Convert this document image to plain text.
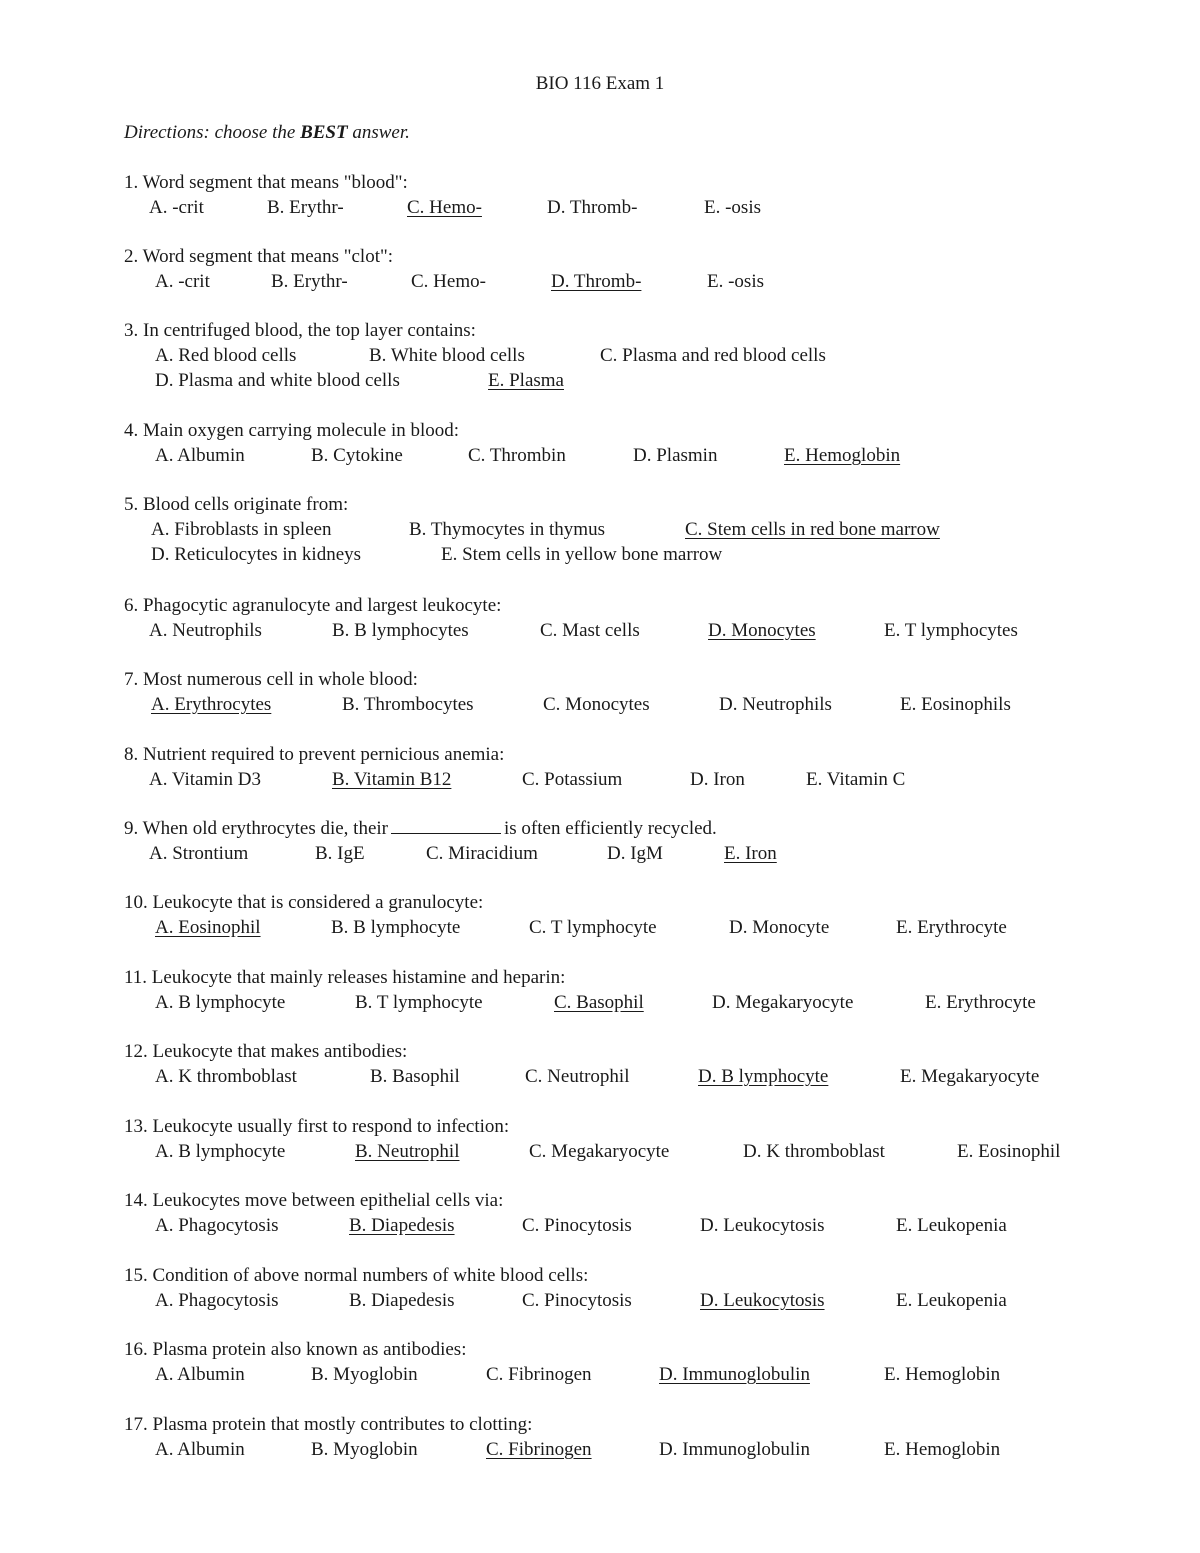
BIO 116 Exam 1
Directions: choose the BEST answer.
1. Word segment that means "blood":
A. -crit	B. Erythr-	C. Hemo-	D. Thromb-	E. -osis
2. Word segment that means "clot":
A. -crit	B. Erythr-	C. Hemo-	D. Thromb-	E. -osis
3. In centrifuged blood, the top layer contains:
A. Red blood cells	B. White blood cells	C. Plasma and red blood cells
D. Plasma and white blood cells	E. Plasma
4. Main oxygen carrying molecule in blood:
A. Albumin	B. Cytokine	C. Thrombin	D. Plasmin	E. Hemoglobin
5. Blood cells originate from:
A. Fibroblasts in spleen	B. Thymocytes in thymus	C. Stem cells in red bone marrow
D. Reticulocytes in kidneys	E. Stem cells in yellow bone marrow
6. Phagocytic agranulocyte and largest leukocyte:
A. Neutrophils	B. B lymphocytes	C. Mast cells	D. Monocytes	E. T lymphocytes
7. Most numerous cell in whole blood:
A. Erythrocytes	B. Thrombocytes	C. Monocytes	D. Neutrophils	E. Eosinophils
8. Nutrient required to prevent pernicious anemia:
A. Vitamin D3	B. Vitamin B12	C. Potassium	D. Iron	E. Vitamin C
9. When old erythrocytes die, their	is often efficiently recycled.
A. Strontium	B. IgE	C. Miracidium	D. IgM	E. Iron
10. Leukocyte that is considered a granulocyte:
A. Eosinophil	B. B lymphocyte	C. T lymphocyte	D. Monocyte	E. Erythrocyte
11. Leukocyte that mainly releases histamine and heparin:
A. B lymphocyte	B. T lymphocyte	C. Basophil	D. Megakaryocyte	E. Erythrocyte
12. Leukocyte that makes antibodies:
A. K thromboblast	B. Basophil	C. Neutrophil	D. B lymphocyte	E. Megakaryocyte
13. Leukocyte usually first to respond to infection:
A. B lymphocyte	B. Neutrophil	C. Megakaryocyte	D. K thromboblast	E. Eosinophil
14. Leukocytes move between epithelial cells via:
A. Phagocytosis	B. Diapedesis	C. Pinocytosis	D. Leukocytosis	E. Leukopenia
15. Condition of above normal numbers of white blood cells:
A. Phagocytosis	B. Diapedesis	C. Pinocytosis	D. Leukocytosis	E. Leukopenia
16. Plasma protein also known as antibodies:
A. Albumin	B. Myoglobin	C. Fibrinogen	D. Immunoglobulin	E. Hemoglobin
17. Plasma protein that mostly contributes to clotting:
A. Albumin	B. Myoglobin	C. Fibrinogen	D. Immunoglobulin	E. Hemoglobin
